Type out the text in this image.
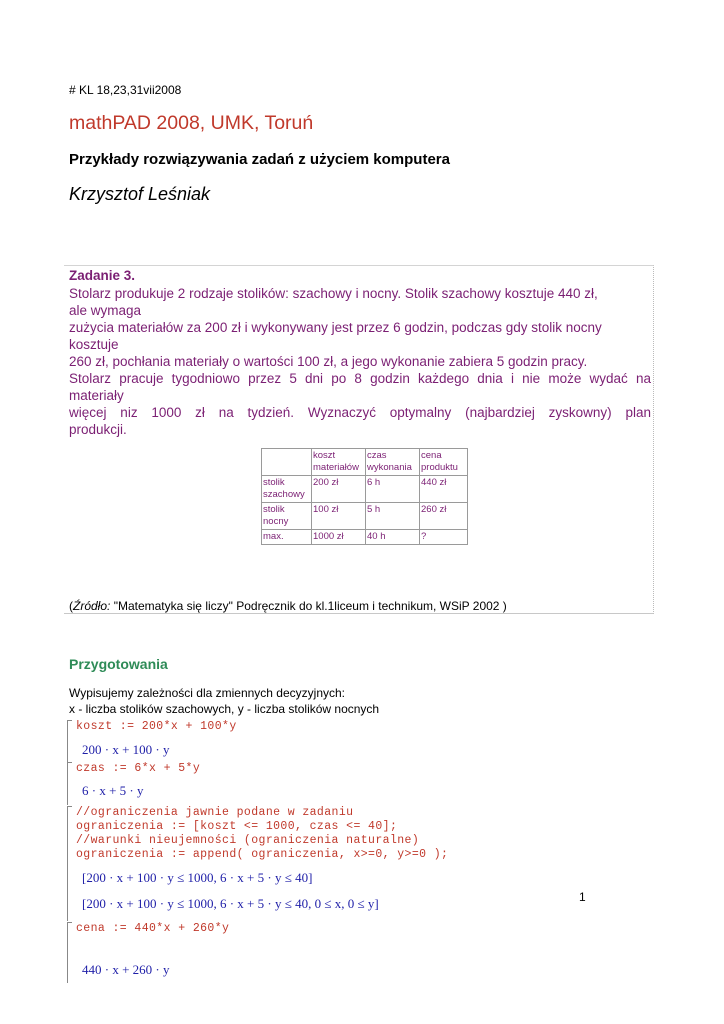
# KL 18,23,31vii2008
mathPAD 2008, UMK, Toruń
Przykłady rozwiązywania zadań z użyciem komputera
Krzysztof Leśniak
Zadanie 3.
Stolarz produkuje 2 rodzaje stolików: szachowy i nocny. Stolik szachowy kosztuje 440 zł,
ale wymaga
zużycia materiałów za 200 zł i wykonywany jest przez 6 godzin, podczas gdy stolik nocny
kosztuje
260 zł, pochłania materiały o wartości 100 zł, a jego wykonanie zabiera 5 godzin pracy.
Stolarz pracuje tygodniowo przez 5 dni po 8 godzin każdego dnia i nie może wydać na
materiały
więcej niz 1000 zł na tydzień. Wyznaczyć optymalny (najbardziej zyskowny) plan
produkcji.
	koszt materiałów	czas wykonania	cena produktu
stolik szachowy	200 zł	6 h	440 zł
stolik nocny	100 zł	5 h	260 zł
max.	1000 zł	40 h	?
(Źródło: "Matematyka się liczy" Podręcznik do kl.1liceum i technikum, WSiP 2002 )
Przygotowania
Wypisujemy zależności dla zmiennych decyzyjnych:
x - liczba stolików szachowych, y - liczba stolików nocnych
koszt := 200*x + 100*y
200 · x + 100 · y
czas := 6*x + 5*y
6 · x + 5 · y
//ograniczenia jawnie podane w zadaniu
ograniczenia := [koszt <= 1000, czas <= 40];
//warunki nieujemności (ograniczenia naturalne)
ograniczenia := append( ograniczenia, x>=0, y>=0 );
[200 · x + 100 · y ≤ 1000, 6 · x + 5 · y ≤ 40]
[200 · x + 100 · y ≤ 1000, 6 · x + 5 · y ≤ 40, 0 ≤ x, 0 ≤ y]
cena := 440*x + 260*y
440 · x + 260 · y
1
